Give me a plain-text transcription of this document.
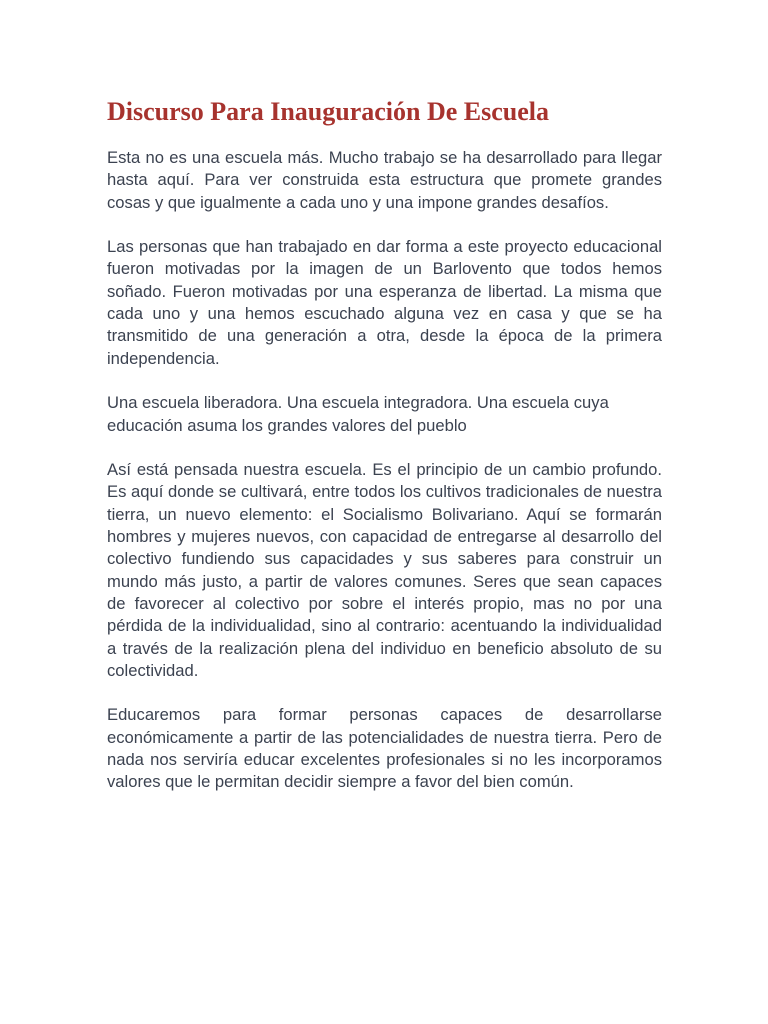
Discurso Para Inauguración De Escuela

Esta no es una escuela más. Mucho trabajo se ha desarrollado para llegar hasta aquí. Para ver construida esta estructura que promete grandes cosas y que igualmente a cada uno y una impone grandes desafíos.

Las personas que han trabajado en dar forma a este proyecto educacional fueron motivadas por la imagen de un Barlovento que todos hemos soñado. Fueron motivadas por una esperanza de libertad. La misma que cada uno y una hemos escuchado alguna vez en casa y que se ha transmitido de una generación a otra, desde la época de la primera independencia.

Una escuela liberadora. Una escuela integradora. Una escuela cuya educación asuma los grandes valores del pueblo

Así está pensada nuestra escuela. Es el principio de un cambio profundo. Es aquí donde se cultivará, entre todos los cultivos tradicionales de nuestra tierra, un nuevo elemento: el Socialismo Bolivariano. Aquí se formarán hombres y mujeres nuevos, con capacidad de entregarse al desarrollo del colectivo fundiendo sus capacidades y sus saberes para construir un mundo más justo, a partir de valores comunes. Seres que sean capaces de favorecer al colectivo por sobre el interés propio, mas no por una pérdida de la individualidad, sino al contrario: acentuando la individualidad a través de la realización plena del individuo en beneficio absoluto de su colectividad.

Educaremos para formar personas capaces de desarrollarse económicamente a partir de las potencialidades de nuestra tierra. Pero de nada nos serviría educar excelentes profesionales si no les incorporamos valores que le permitan decidir siempre a favor del bien común.
